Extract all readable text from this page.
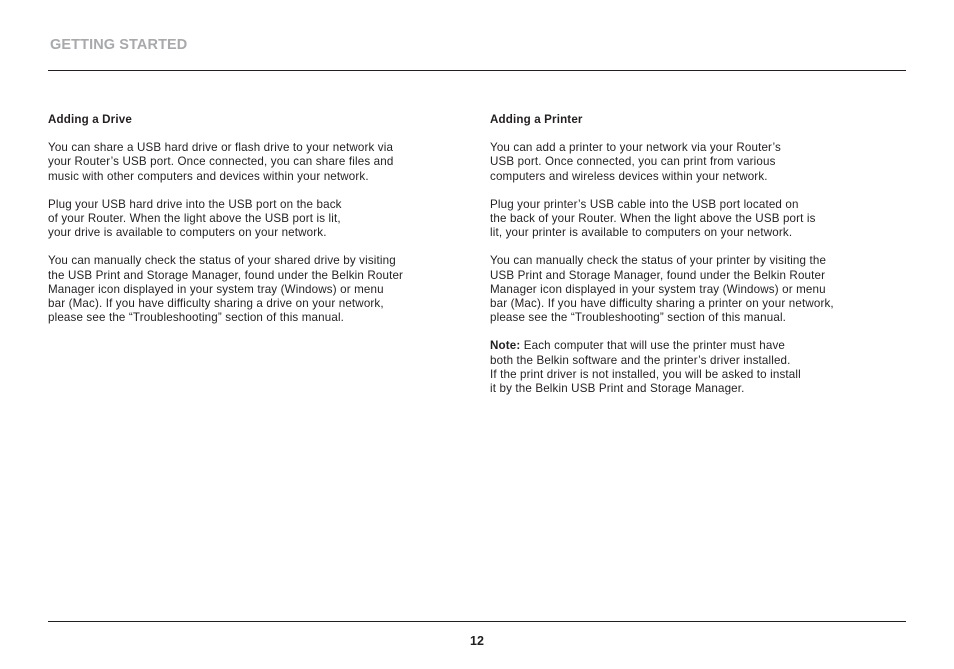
GETTING STARTED
Adding a Drive
You can share a USB hard drive or flash drive to your network via
your Router’s USB port. Once connected, you can share files and
music with other computers and devices within your network.
Plug your USB hard drive into the USB port on the back
of your Router. When the light above the USB port is lit,
your drive is available to computers on your network.
You can manually check the status of your shared drive by visiting
the USB Print and Storage Manager, found under the Belkin Router
Manager icon displayed in your system tray (Windows) or menu
bar (Mac). If you have difficulty sharing a drive on your network,
please see the “Troubleshooting” section of this manual.
Adding a Printer
You can add a printer to your network via your Router’s
USB port. Once connected, you can print from various
computers and wireless devices within your network.
Plug your printer’s USB cable into the USB port located on
the back of your Router. When the light above the USB port is
lit, your printer is available to computers on your network.
You can manually check the status of your printer by visiting the
USB Print and Storage Manager, found under the Belkin Router
Manager icon displayed in your system tray (Windows) or menu
bar (Mac). If you have difficulty sharing a printer on your network,
please see the “Troubleshooting” section of this manual.
Note: Each computer that will use the printer must have
both the Belkin software and the printer’s driver installed.
If the print driver is not installed, you will be asked to install
it by the Belkin USB Print and Storage Manager.
12
